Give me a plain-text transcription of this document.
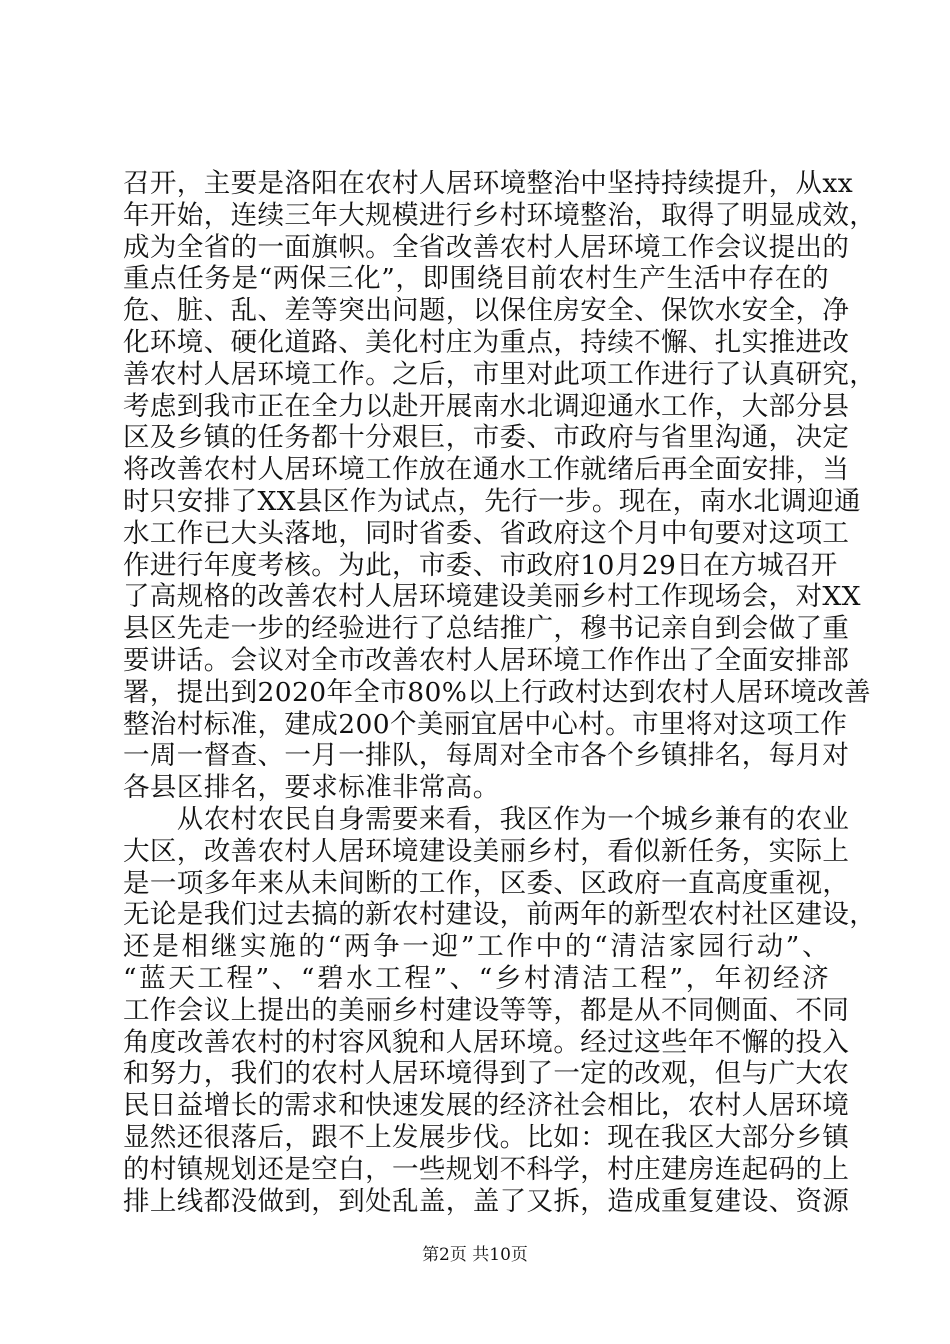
召开，主要是洛阳在农村人居环境整治中坚持持续提升，从xx
年开始，连续三年大规模进行乡村环境整治，取得了明显成效，
成为全省的一面旗帜。全省改善农村人居环境工作会议提出的
重点任务是“两保三化”，即围绕目前农村生产生活中存在的
危、脏、乱、差等突出问题，以保住房安全、保饮水安全，净
化环境、硬化道路、美化村庄为重点，持续不懈、扎实推进改
善农村人居环境工作。之后，市里对此项工作进行了认真研究，
考虑到我市正在全力以赴开展南水北调迎通水工作，大部分县
区及乡镇的任务都十分艰巨，市委、市政府与省里沟通，决定
将改善农村人居环境工作放在通水工作就绪后再全面安排，当
时只安排了XX县区作为试点，先行一步。现在，南水北调迎通
水工作已大头落地，同时省委、省政府这个月中旬要对这项工
作进行年度考核。为此，市委、市政府10月29日在方城召开
了高规格的改善农村人居环境建设美丽乡村工作现场会，对XX
县区先走一步的经验进行了总结推广，穆书记亲自到会做了重
要讲话。会议对全市改善农村人居环境工作作出了全面安排部
署，提出到2020年全市80%以上行政村达到农村人居环境改善
整治村标准，建成200个美丽宜居中心村。市里将对这项工作
一周一督查、一月一排队，每周对全市各个乡镇排名，每月对
各县区排名，要求标准非常高。
　　从农村农民自身需要来看，我区作为一个城乡兼有的农业
大区，改善农村人居环境建设美丽乡村，看似新任务，实际上
是一项多年来从未间断的工作，区委、区政府一直高度重视，
无论是我们过去搞的新农村建设，前两年的新型农村社区建设，
还是相继实施的“两争一迎”工作中的“清洁家园行动”、
“蓝天工程”、“碧水工程”、“乡村清洁工程”，年初经济
工作会议上提出的美丽乡村建设等等，都是从不同侧面、不同
角度改善农村的村容风貌和人居环境。经过这些年不懈的投入
和努力，我们的农村人居环境得到了一定的改观，但与广大农
民日益增长的需求和快速发展的经济社会相比，农村人居环境
显然还很落后，跟不上发展步伐。比如：现在我区大部分乡镇
的村镇规划还是空白，一些规划不科学，村庄建房连起码的上
排上线都没做到，到处乱盖，盖了又拆，造成重复建设、资源
第2页 共10页
